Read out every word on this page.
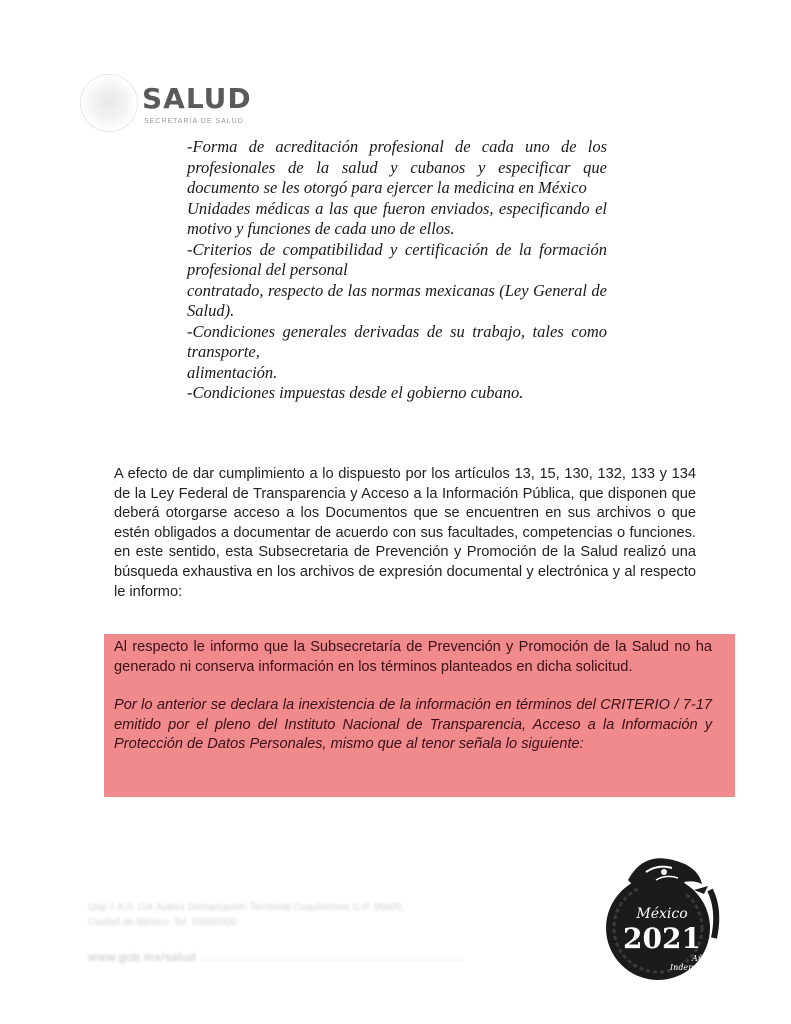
SALUD
SECRETARÍA DE SALUD

-Forma de acreditación profesional de cada uno de los profesionales de la salud y cubanos y especificar que documento se les otorgó para ejercer la medicina en México

Unidades médicas a las que fueron enviados, especificando el motivo y funciones de cada uno de ellos.

-Criterios de compatibilidad y certificación de la formación profesional del personal

contratado, respecto de las normas mexicanas (Ley General de Salud).

-Condiciones generales derivadas de su trabajo, tales como transporte,

alimentación.

-Condiciones impuestas desde el gobierno cubano.

A efecto de dar cumplimiento a lo dispuesto por los artículos 13, 15, 130, 132, 133 y 134 de la Ley Federal de Transparencia y Acceso a la Información Pública, que disponen que deberá otorgarse acceso a los Documentos que se encuentren en sus archivos o que estén obligados a documentar de acuerdo con sus facultades, competencias o funciones. en este sentido, esta Subsecretaria de Prevención y Promoción de la Salud realizó una búsqueda exhaustiva en los archivos de expresión documental y electrónica y al respecto le informo:

Al respecto le informo que la Subsecretaría de Prevención y Promoción de la Salud no ha generado ni conserva información en los términos planteados en dicha solicitud.

Por lo anterior se declara la inexistencia de la información en términos del CRITERIO / 7-17 emitido por el pleno del Instituto Nacional de Transparencia, Acceso a la Información y Protección de Datos Personales, mismo que al tenor señala lo siguiente:

Oap 7.8.0, Col Juárez Demarcación Territorial Cuauhtémoc C.P. 06600,
Ciudad de México. Tel. 00000000
www.gob.mx/salud .....................................................................
México
2021
Año de la Independencia
